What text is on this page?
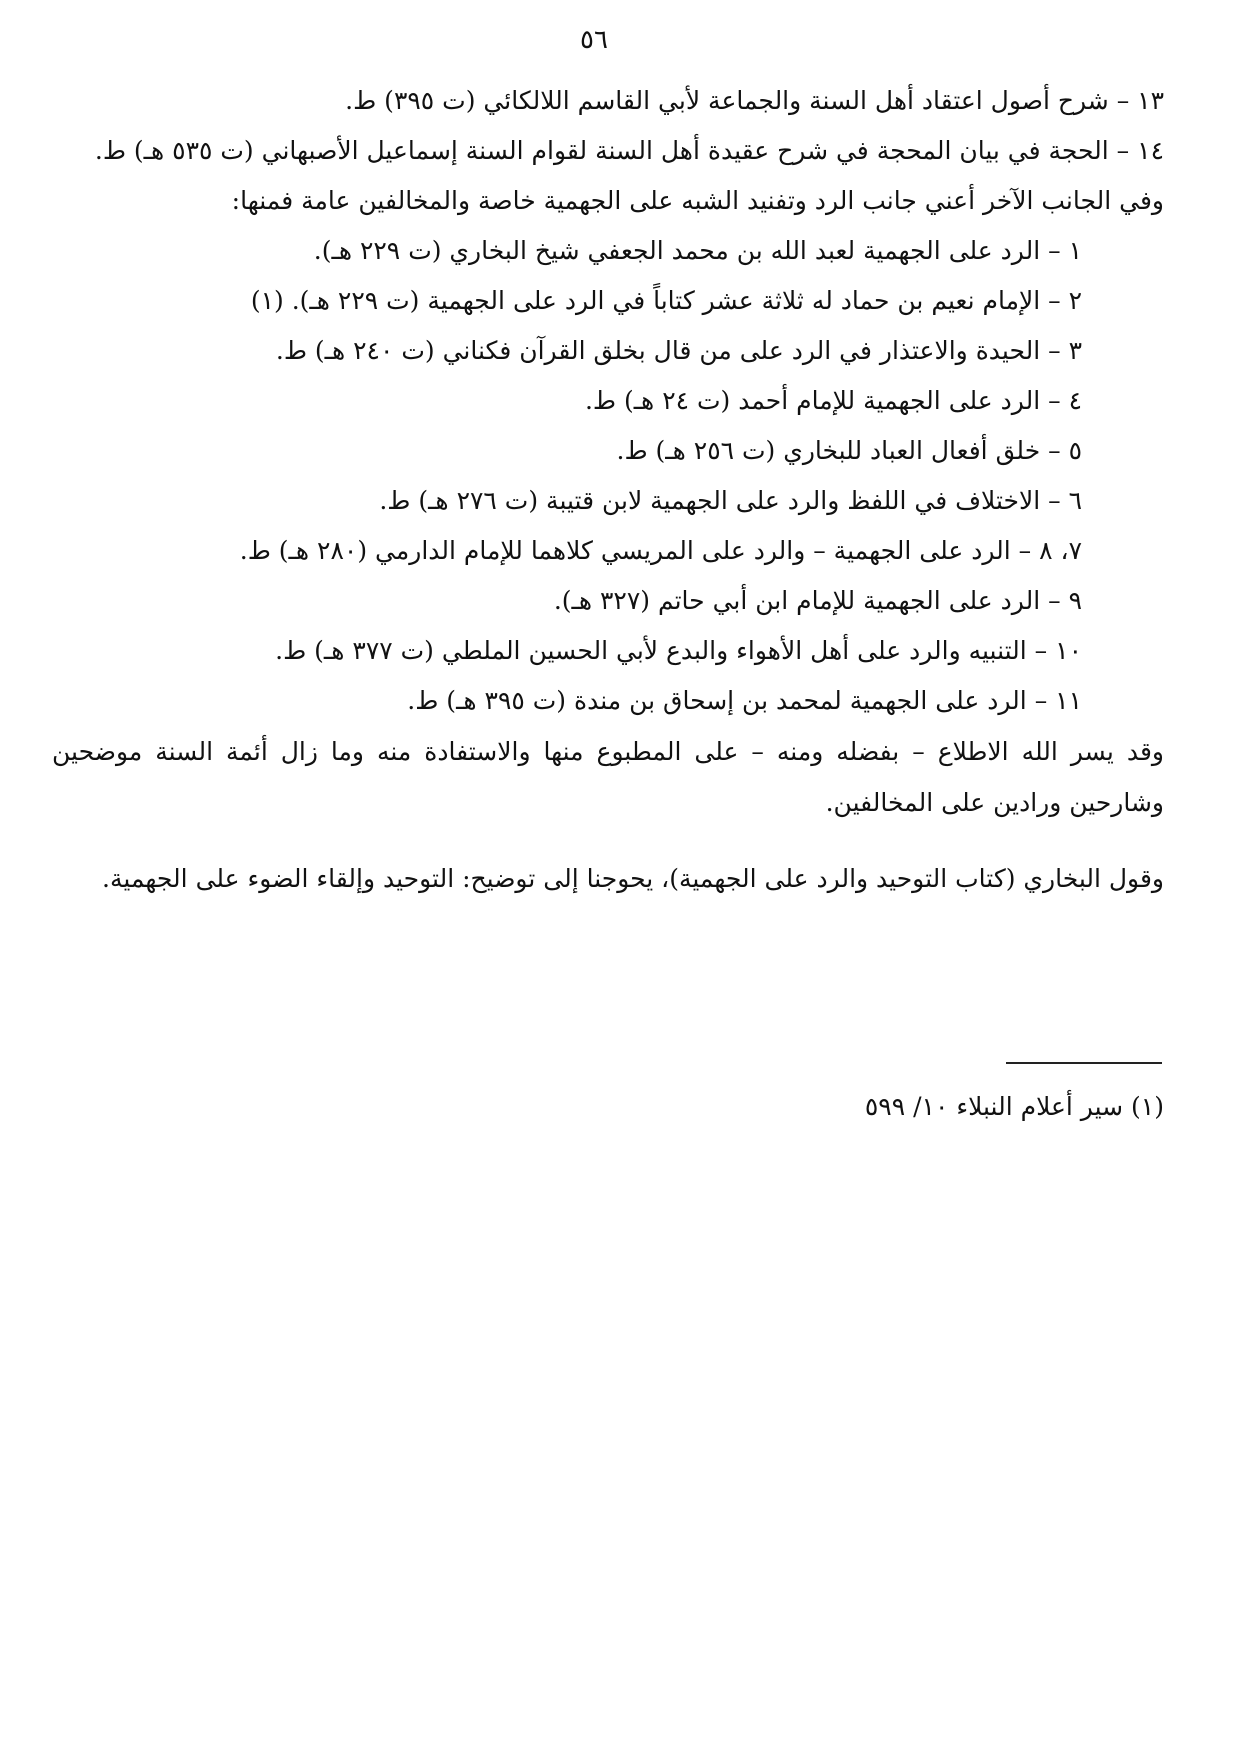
٥٦

١٣ – شرح أصول اعتقاد أهل السنة والجماعة لأبي القاسم اللالكائي (ت ٣٩٥) ط.

١٤ – الحجة في بيان المحجة في شرح عقيدة أهل السنة لقوام السنة إسماعيل الأصبهاني (ت ٥٣٥ هـ) ط.

وفي الجانب الآخر أعني جانب الرد وتفنيد الشبه على الجهمية خاصة والمخالفين عامة فمنها:

١ – الرد على الجهمية لعبد الله بن محمد الجعفي شيخ البخاري (ت ٢٢٩ هـ).

٢ – الإمام نعيم بن حماد له ثلاثة عشر كتاباً في الرد على الجهمية (ت ٢٢٩ هـ). (١)

٣ – الحيدة والاعتذار في الرد على من قال بخلق القرآن فكناني (ت ٢٤٠ هـ) ط.

٤ – الرد على الجهمية للإمام أحمد (ت ٢٤ هـ) ط.

٥ – خلق أفعال العباد للبخاري (ت ٢٥٦ هـ) ط.

٦ – الاختلاف في اللفظ والرد على الجهمية لابن قتيبة (ت ٢٧٦ هـ) ط.

٧، ٨ – الرد على الجهمية – والرد على المريسي كلاهما للإمام الدارمي (٢٨٠ هـ) ط.

٩ – الرد على الجهمية للإمام ابن أبي حاتم (٣٢٧ هـ).

١٠ – التنبيه والرد على أهل الأهواء والبدع لأبي الحسين الملطي (ت ٣٧٧ هـ) ط.

١١ – الرد على الجهمية لمحمد بن إسحاق بن مندة (ت ٣٩٥ هـ) ط.

وقد يسر الله الاطلاع – بفضله ومنه – على المطبوع منها والاستفادة منه وما زال أئمة السنة موضحين وشارحين ورادين على المخالفين.

وقول البخاري (كتاب التوحيد والرد على الجهمية)، يحوجنا إلى توضيح: التوحيد وإلقاء الضوء على الجهمية.

(١) سير أعلام النبلاء ١٠/ ٥٩٩
